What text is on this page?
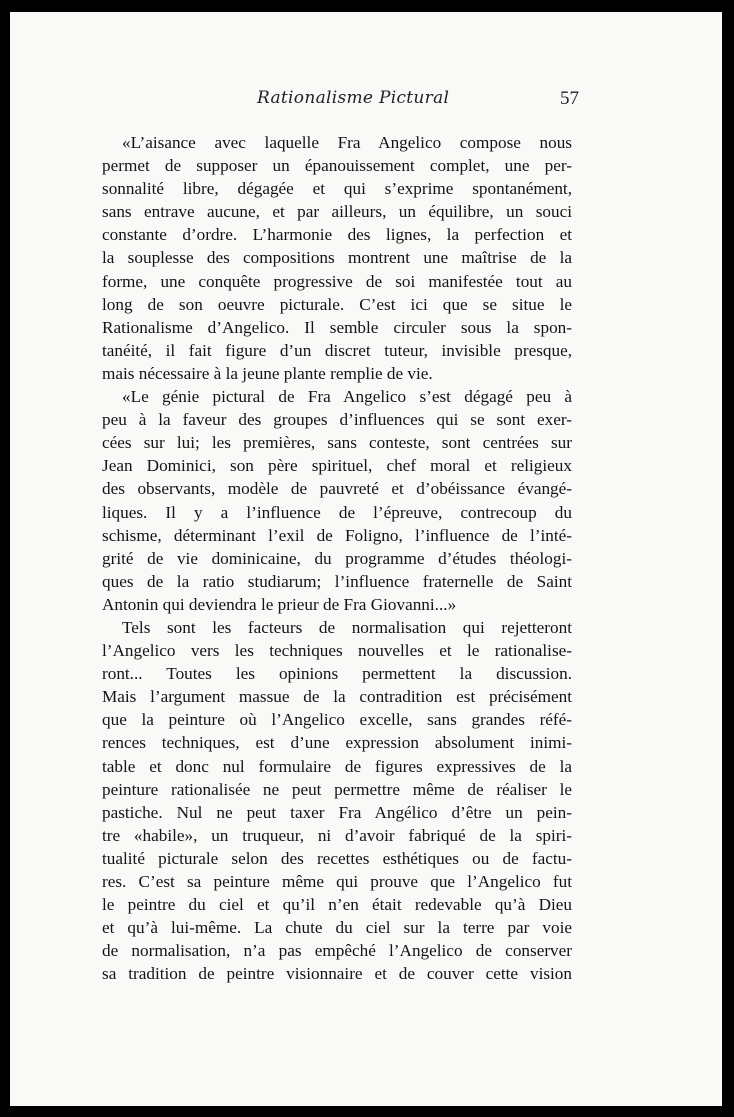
Rationalisme Pictural	57
«L’aisance avec laquelle Fra Angelico compose nous
permet de supposer un épanouissement complet, une per-
sonnalité libre, dégagée et qui s’exprime spontanément,
sans entrave aucune, et par ailleurs, un équilibre, un souci
constante d’ordre. L’harmonie des lignes, la perfection et
la souplesse des compositions montrent une maîtrise de la
forme, une conquête progressive de soi manifestée tout au
long de son oeuvre picturale. C’est ici que se situe le
Rationalisme d’Angelico. Il semble circuler sous la spon-
tanéité, il fait figure d’un discret tuteur, invisible presque,
mais nécessaire à la jeune plante remplie de vie.
«Le génie pictural de Fra Angelico s’est dégagé peu à
peu à la faveur des groupes d’influences qui se sont exer-
cées sur lui; les premières, sans conteste, sont centrées sur
Jean Dominici, son père spirituel, chef moral et religieux
des observants, modèle de pauvreté et d’obéissance évangé-
liques. Il y a l’influence de l’épreuve, contrecoup du
schisme, déterminant l’exil de Foligno, l’influence de l’inté-
grité de vie dominicaine, du programme d’études théologi-
ques de la ratio studiarum; l’influence fraternelle de Saint
Antonin qui deviendra le prieur de Fra Giovanni...»
Tels sont les facteurs de normalisation qui rejetteront
l’Angelico vers les techniques nouvelles et le rationalise-
ront... Toutes les opinions permettent la discussion.
Mais l’argument massue de la contradition est précisément
que la peinture où l’Angelico excelle, sans grandes réfé-
rences techniques, est d’une expression absolument inimi-
table et donc nul formulaire de figures expressives de la
peinture rationalisée ne peut permettre même de réaliser le
pastiche. Nul ne peut taxer Fra Angélico d’être un pein-
tre «habile», un truqueur, ni d’avoir fabriqué de la spiri-
tualité picturale selon des recettes esthétiques ou de factu-
res. C’est sa peinture même qui prouve que l’Angelico fut
le peintre du ciel et qu’il n’en était redevable qu’à Dieu
et qu’à lui-même. La chute du ciel sur la terre par voie
de normalisation, n’a pas empêché l’Angelico de conserver
sa tradition de peintre visionnaire et de couver cette vision
